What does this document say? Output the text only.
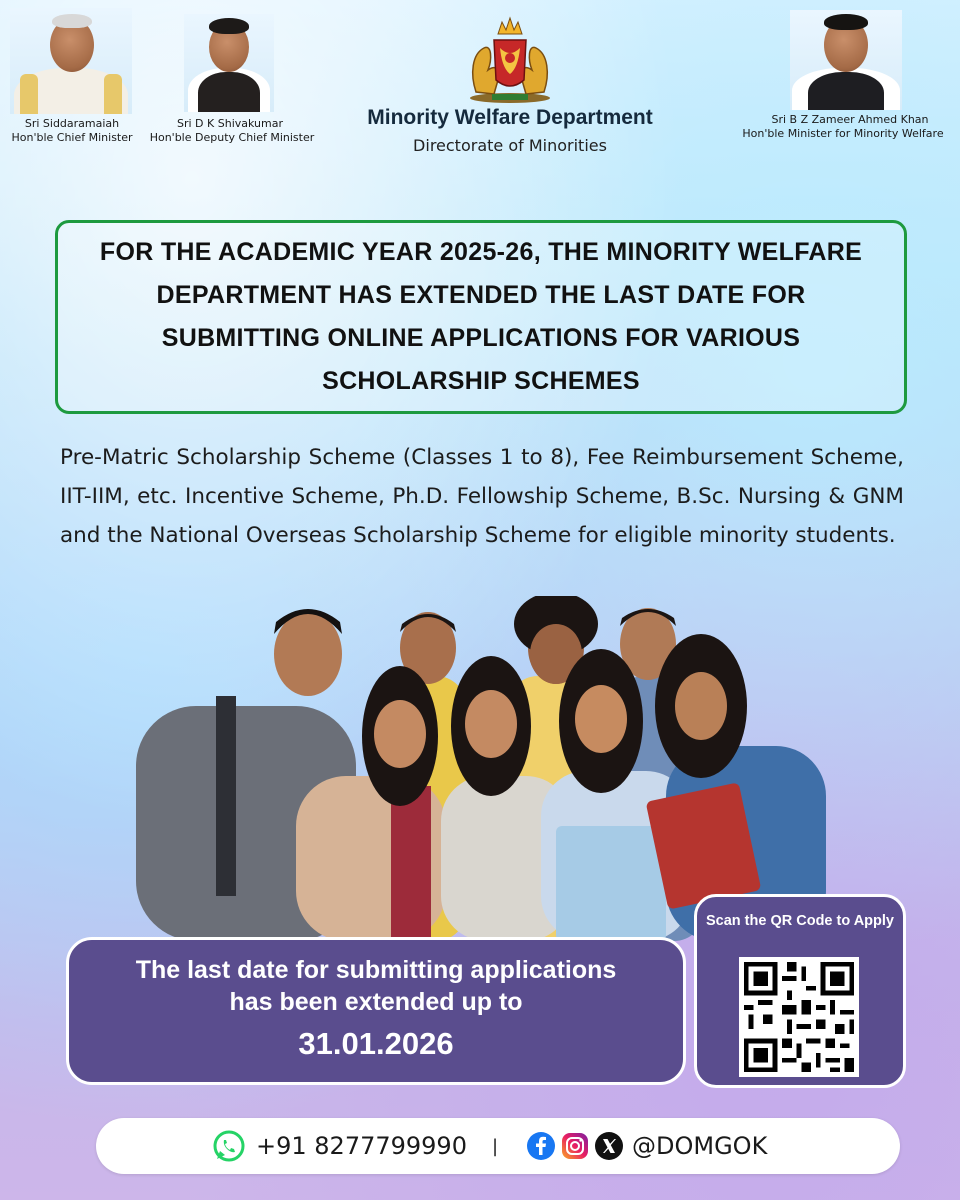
Sri Siddaramaiah
Hon'ble Chief Minister
Sri D K Shivakumar
Hon'ble Deputy Chief Minister
Minority Welfare Department
Directorate of Minorities
Sri B Z Zameer Ahmed Khan
Hon'ble Minister for Minority Welfare
FOR THE ACADEMIC YEAR 2025-26, THE MINORITY WELFARE DEPARTMENT HAS EXTENDED THE LAST DATE FOR SUBMITTING ONLINE APPLICATIONS FOR VARIOUS SCHOLARSHIP SCHEMES
Pre-Matric Scholarship Scheme (Classes 1 to 8), Fee Reimbursement Scheme, IIT-IIM, etc. Incentive Scheme, Ph.D. Fellowship Scheme, B.Sc. Nursing & GNM and the National Overseas Scholarship Scheme for eligible minority students.
The last date for submitting applications
has been extended up to
31.01.2026
Scan the QR Code to Apply
+91 8277799990 |	@DOMGOK
